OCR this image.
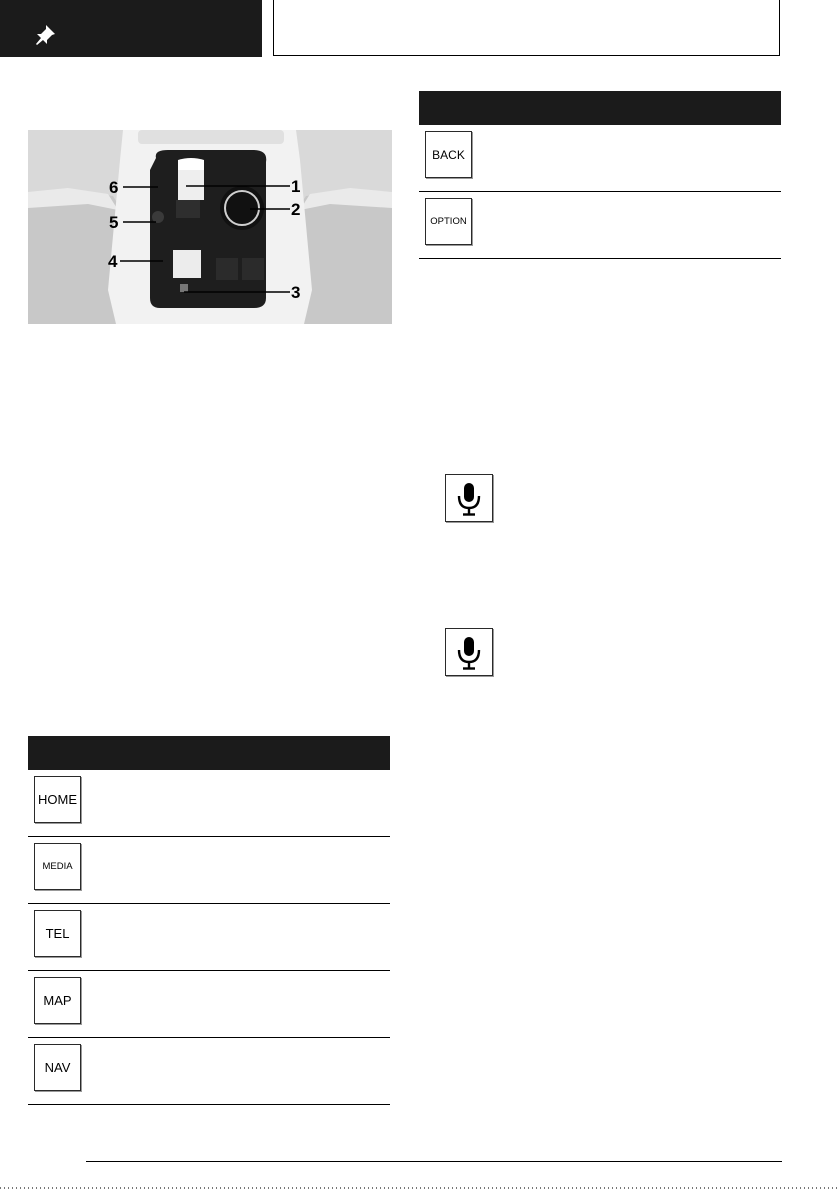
1
2
3
4
5
6
HOME
MEDIA
TEL
MAP
NAV
BACK
OPTION
